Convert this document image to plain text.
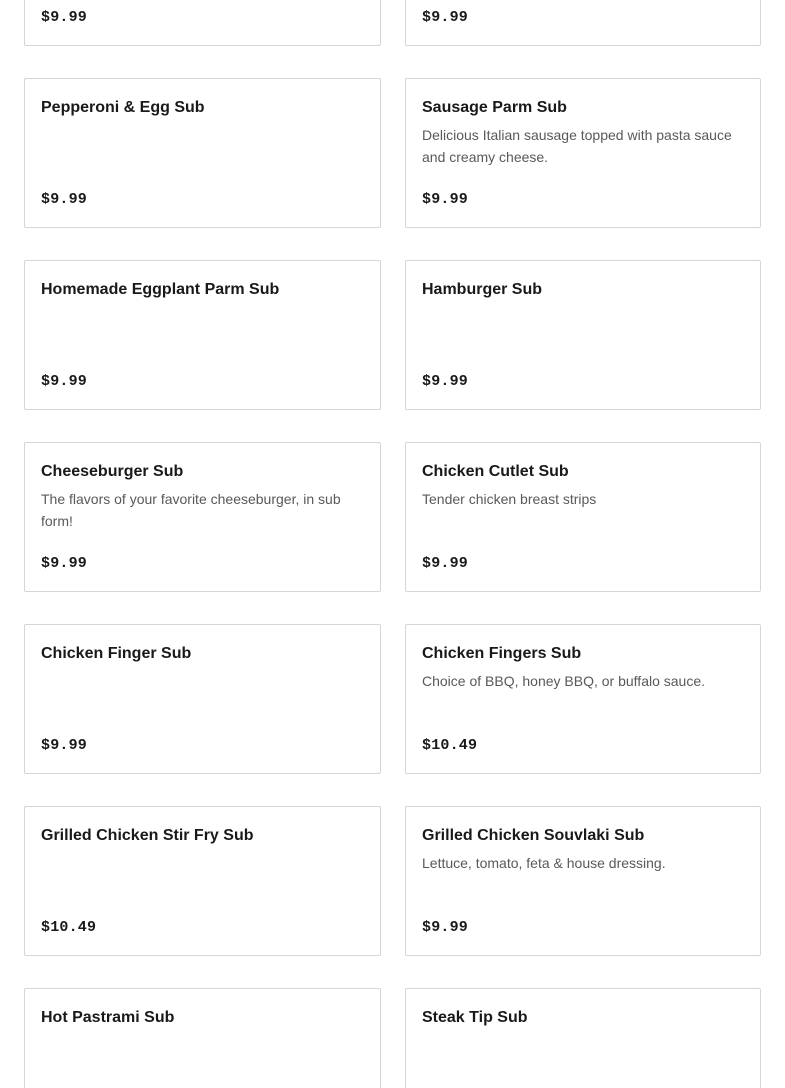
$9.99	$9.99
Pepperoni & Egg Sub
$9.99
Sausage Parm Sub
Delicious Italian sausage topped with pasta sauce and creamy cheese.
$9.99
Homemade Eggplant Parm Sub
$9.99
Hamburger Sub
$9.99
Cheeseburger Sub
The flavors of your favorite cheeseburger, in sub form!
$9.99
Chicken Cutlet Sub
Tender chicken breast strips
$9.99
Chicken Finger Sub
$9.99
Chicken Fingers Sub
Choice of BBQ, honey BBQ, or buffalo sauce.
$10.49
Grilled Chicken Stir Fry Sub
$10.49
Grilled Chicken Souvlaki Sub
Lettuce, tomato, feta & house dressing.
$9.99
Hot Pastrami Sub	Steak Tip Sub
